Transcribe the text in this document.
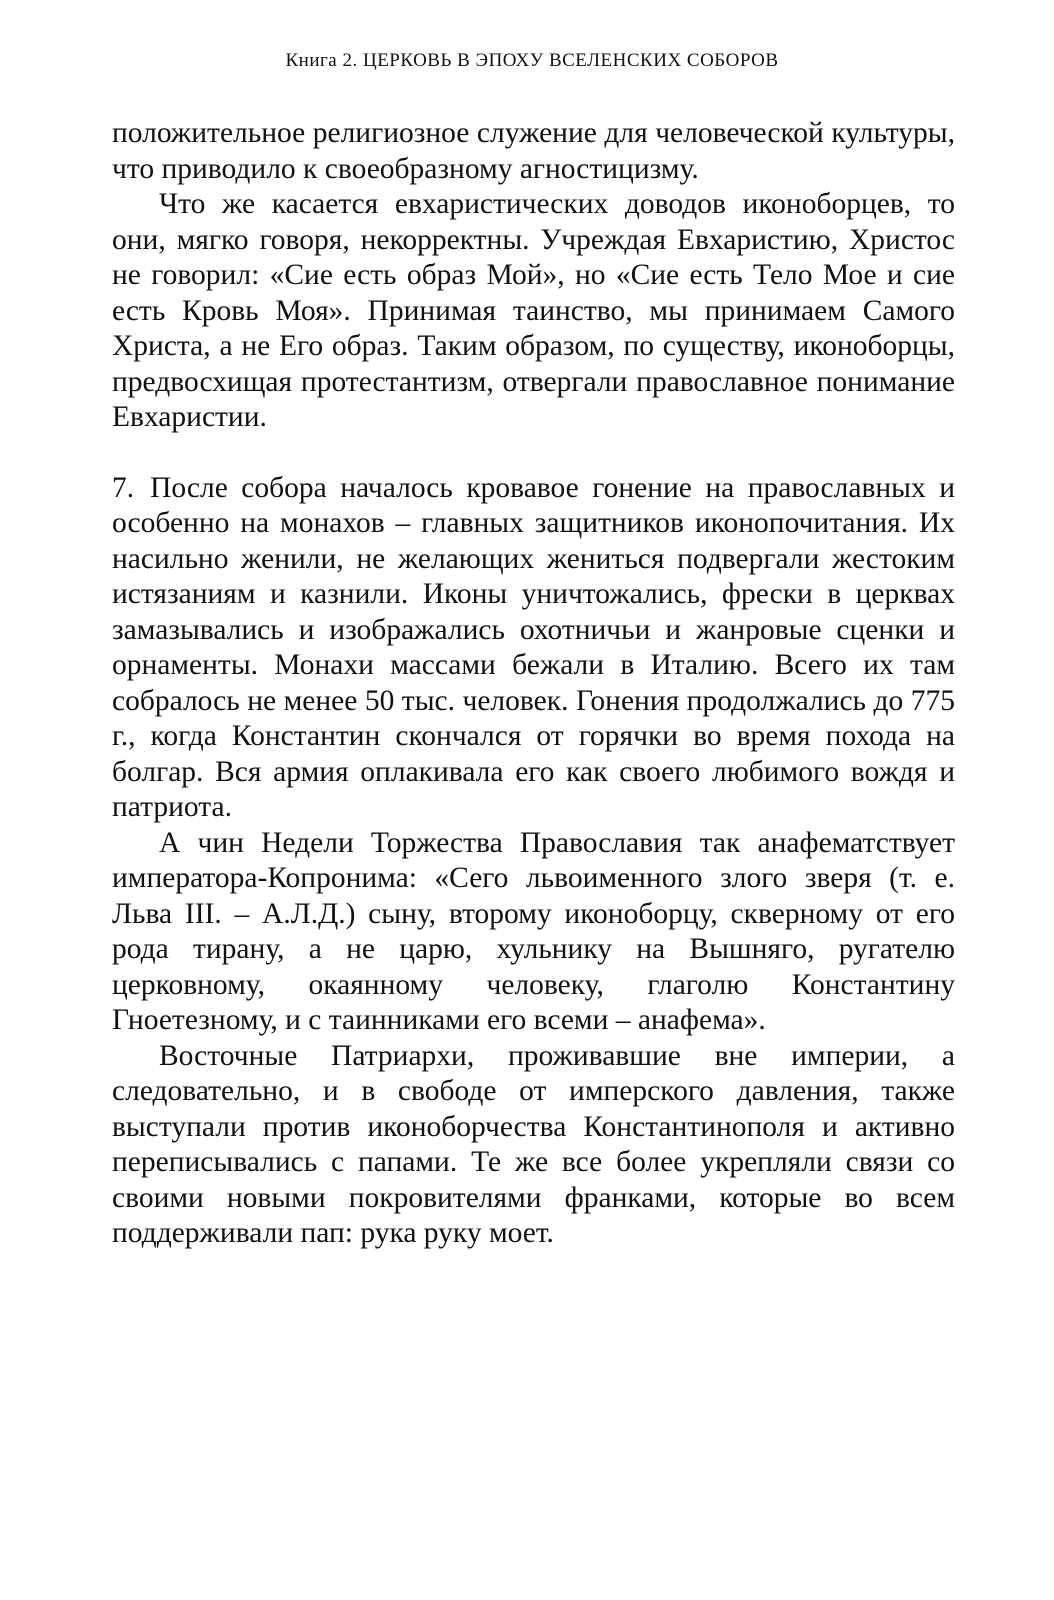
Книга 2. ЦЕРКОВЬ В ЭПОХУ ВСЕЛЕНСКИХ СОБОРОВ

положительное религиозное служение для человеческой культуры, что приводило к своеобразному агностицизму.

Что же касается евхаристических доводов иконоборцев, то они, мягко говоря, некорректны. Учреждая Евхаристию, Христос не говорил: «Сие есть образ Мой», но «Сие есть Тело Мое и сие есть Кровь Моя». Принимая таинство, мы принимаем Самого Христа, а не Его образ. Таким образом, по существу, иконоборцы, предвосхищая протестантизм, отвергали православное понимание Евхаристии.

7. После собора началось кровавое гонение на православных и особенно на монахов – главных защитников иконопочитания. Их насильно женили, не желающих жениться подвергали жестоким истязаниям и казнили. Иконы уничтожались, фрески в церквах замазывались и изображались охотничьи и жанровые сценки и орнаменты. Монахи массами бежали в Италию. Всего их там собралось не менее 50 тыс. человек. Гонения продолжались до 775 г., когда Константин скончался от горячки во время похода на болгар. Вся армия оплакивала его как своего любимого вождя и патриота.

А чин Недели Торжества Православия так анафематствует императора-Копронима: «Сего львоименного злого зверя (т. е. Льва III. – А.Л.Д.) сыну, второму иконоборцу, скверному от его рода тирану, а не царю, хульнику на Вышняго, ругателю церковному, окаянному человеку, глаголю Константину Гноетезному, и с таинниками его всеми – анафема».

Восточные Патриархи, проживавшие вне империи, а следовательно, и в свободе от имперского давления, также выступали против иконоборчества Константинополя и активно переписывались с папами. Те же все более укрепляли связи со своими новыми покровителями франками, которые во всем поддерживали пап: рука руку моет.
